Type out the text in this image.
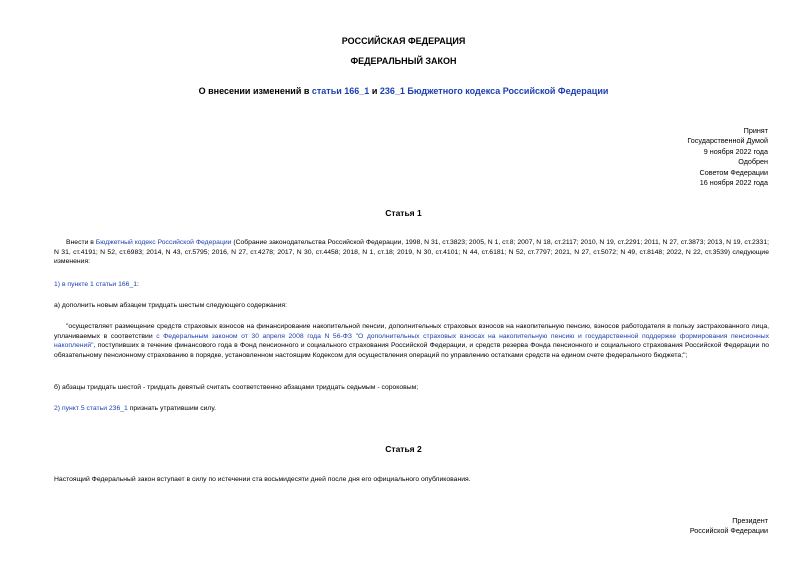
РОССИЙСКАЯ ФЕДЕРАЦИЯ
ФЕДЕРАЛЬНЫЙ ЗАКОН
О внесении изменений в статьи 166_1 и 236_1 Бюджетного кодекса Российской Федерации
Принят
Государственной Думой
9 ноября 2022 года
Одобрен
Советом Федерации
16 ноября 2022 года
Статья 1
Внести в Бюджетный кодекс Российской Федерации (Собрание законодательства Российской Федерации, 1998, N 31, ст.3823; 2005, N 1, ст.8; 2007, N 18, ст.2117; 2010, N 19, ст.2291; 2011, N 27, ст.3873; 2013, N 19, ст.2331; N 31, ст.4191; N 52, ст.6983; 2014, N 43, ст.5795; 2016, N 27, ст.4278; 2017, N 30, ст.4458; 2018, N 1, ст.18; 2019, N 30, ст.4101; N 44, ст.6181; N 52, ст.7797; 2021, N 27, ст.5072; N 49, ст.8148; 2022, N 22, ст.3539) следующие изменения:
1) в пункте 1 статьи 166_1:
а) дополнить новым абзацем тридцать шестым следующего содержания:
"осуществляет размещение средств страховых взносов на финансирование накопительной пенсии, дополнительных страховых взносов на накопительную пенсию, взносов работодателя в пользу застрахованного лица, уплачиваемых в соответствии с Федеральным законом от 30 апреля 2008 года N 56-ФЗ "О дополнительных страховых взносах на накопительную пенсию и государственной поддержке формирования пенсионных накоплений", поступивших в течение финансового года в Фонд пенсионного и социального страхования Российской Федерации, и средств резерва Фонда пенсионного и социального страхования Российской Федерации по обязательному пенсионному страхованию в порядке, установленном настоящим Кодексом для осуществления операций по управлению остатками средств на едином счете федерального бюджета;";
б) абзацы тридцать шестой - тридцать девятый считать соответственно абзацами тридцать седьмым - сороковым;
2) пункт 5 статьи 236_1 признать утратившим силу.
Статья 2
Настоящий Федеральный закон вступает в силу по истечении ста восьмидесяти дней после дня его официального опубликования.
Президент
Российской Федерации
